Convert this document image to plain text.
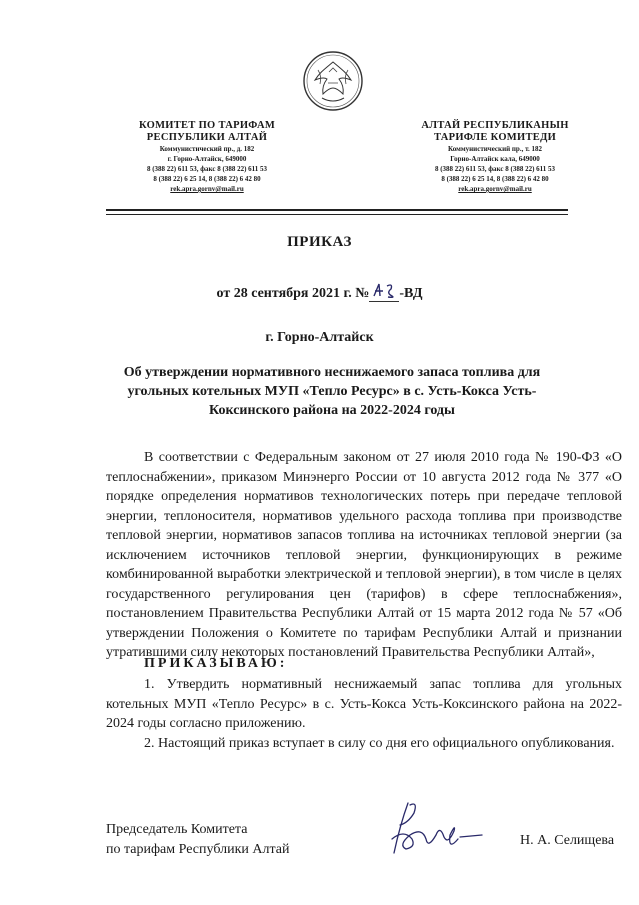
КОМИТЕТ ПО ТАРИФАМ
РЕСПУБЛИКИ АЛТАЙ
Коммунистический пр., д. 182
г. Горно-Алтайск, 649000
8 (388 22) 611 53, факс 8 (388 22) 611 53
8 (388 22) 6 25 14, 8 (388 22) 6 42 80
rek.apra.gornv@mail.ru
АЛТАЙ РЕСПУБЛИКАНЫН
ТАРИФЛЕ КОМИТЕДИ
Коммунистический пр., т. 182
Горно-Алтайск кала, 649000
8 (388 22) 611 53, факс 8 (388 22) 611 53
8 (388 22) 6 25 14, 8 (388 22) 6 42 80
rek.apra.gornv@mail.ru
ПРИКАЗ
от 28 сентября 2021 г. № -ВД
г. Горно-Алтайск
Об утверждении нормативного неснижаемого запаса топлива для угольных котельных МУП «Тепло Ресурс» в с. Усть-Кокса Усть-Коксинского района на 2022-2024 годы

В соответствии с Федеральным законом от 27 июля 2010 года № 190-ФЗ «О теплоснабжении», приказом Минэнерго России от 10 августа 2012 года № 377 «О порядке определения нормативов технологических потерь при передаче тепловой энергии, теплоносителя, нормативов удельного расхода топлива при производстве тепловой энергии, нормативов запасов топлива на источниках тепловой энергии (за исключением источников тепловой энергии, функционирующих в режиме комбинированной выработки электрической и тепловой энергии), в том числе в целях государственного регулирования цен (тарифов) в сфере теплоснабжения», постановлением Правительства Республики Алтай от 15 марта 2012 года № 57 «Об утверждении Положения о Комитете по тарифам Республики Алтай и признании утратившими силу некоторых постановлений Правительства Республики Алтай»,

ПРИКАЗЫВАЮ:

1. Утвердить нормативный неснижаемый запас топлива для угольных котельных МУП «Тепло Ресурс» в с. Усть-Кокса Усть-Коксинского района на 2022-2024 годы согласно приложению.

2. Настоящий приказ вступает в силу со дня его официального опубликования.

Председатель Комитета
по тарифам Республики Алтай
Н. А. Селищева
